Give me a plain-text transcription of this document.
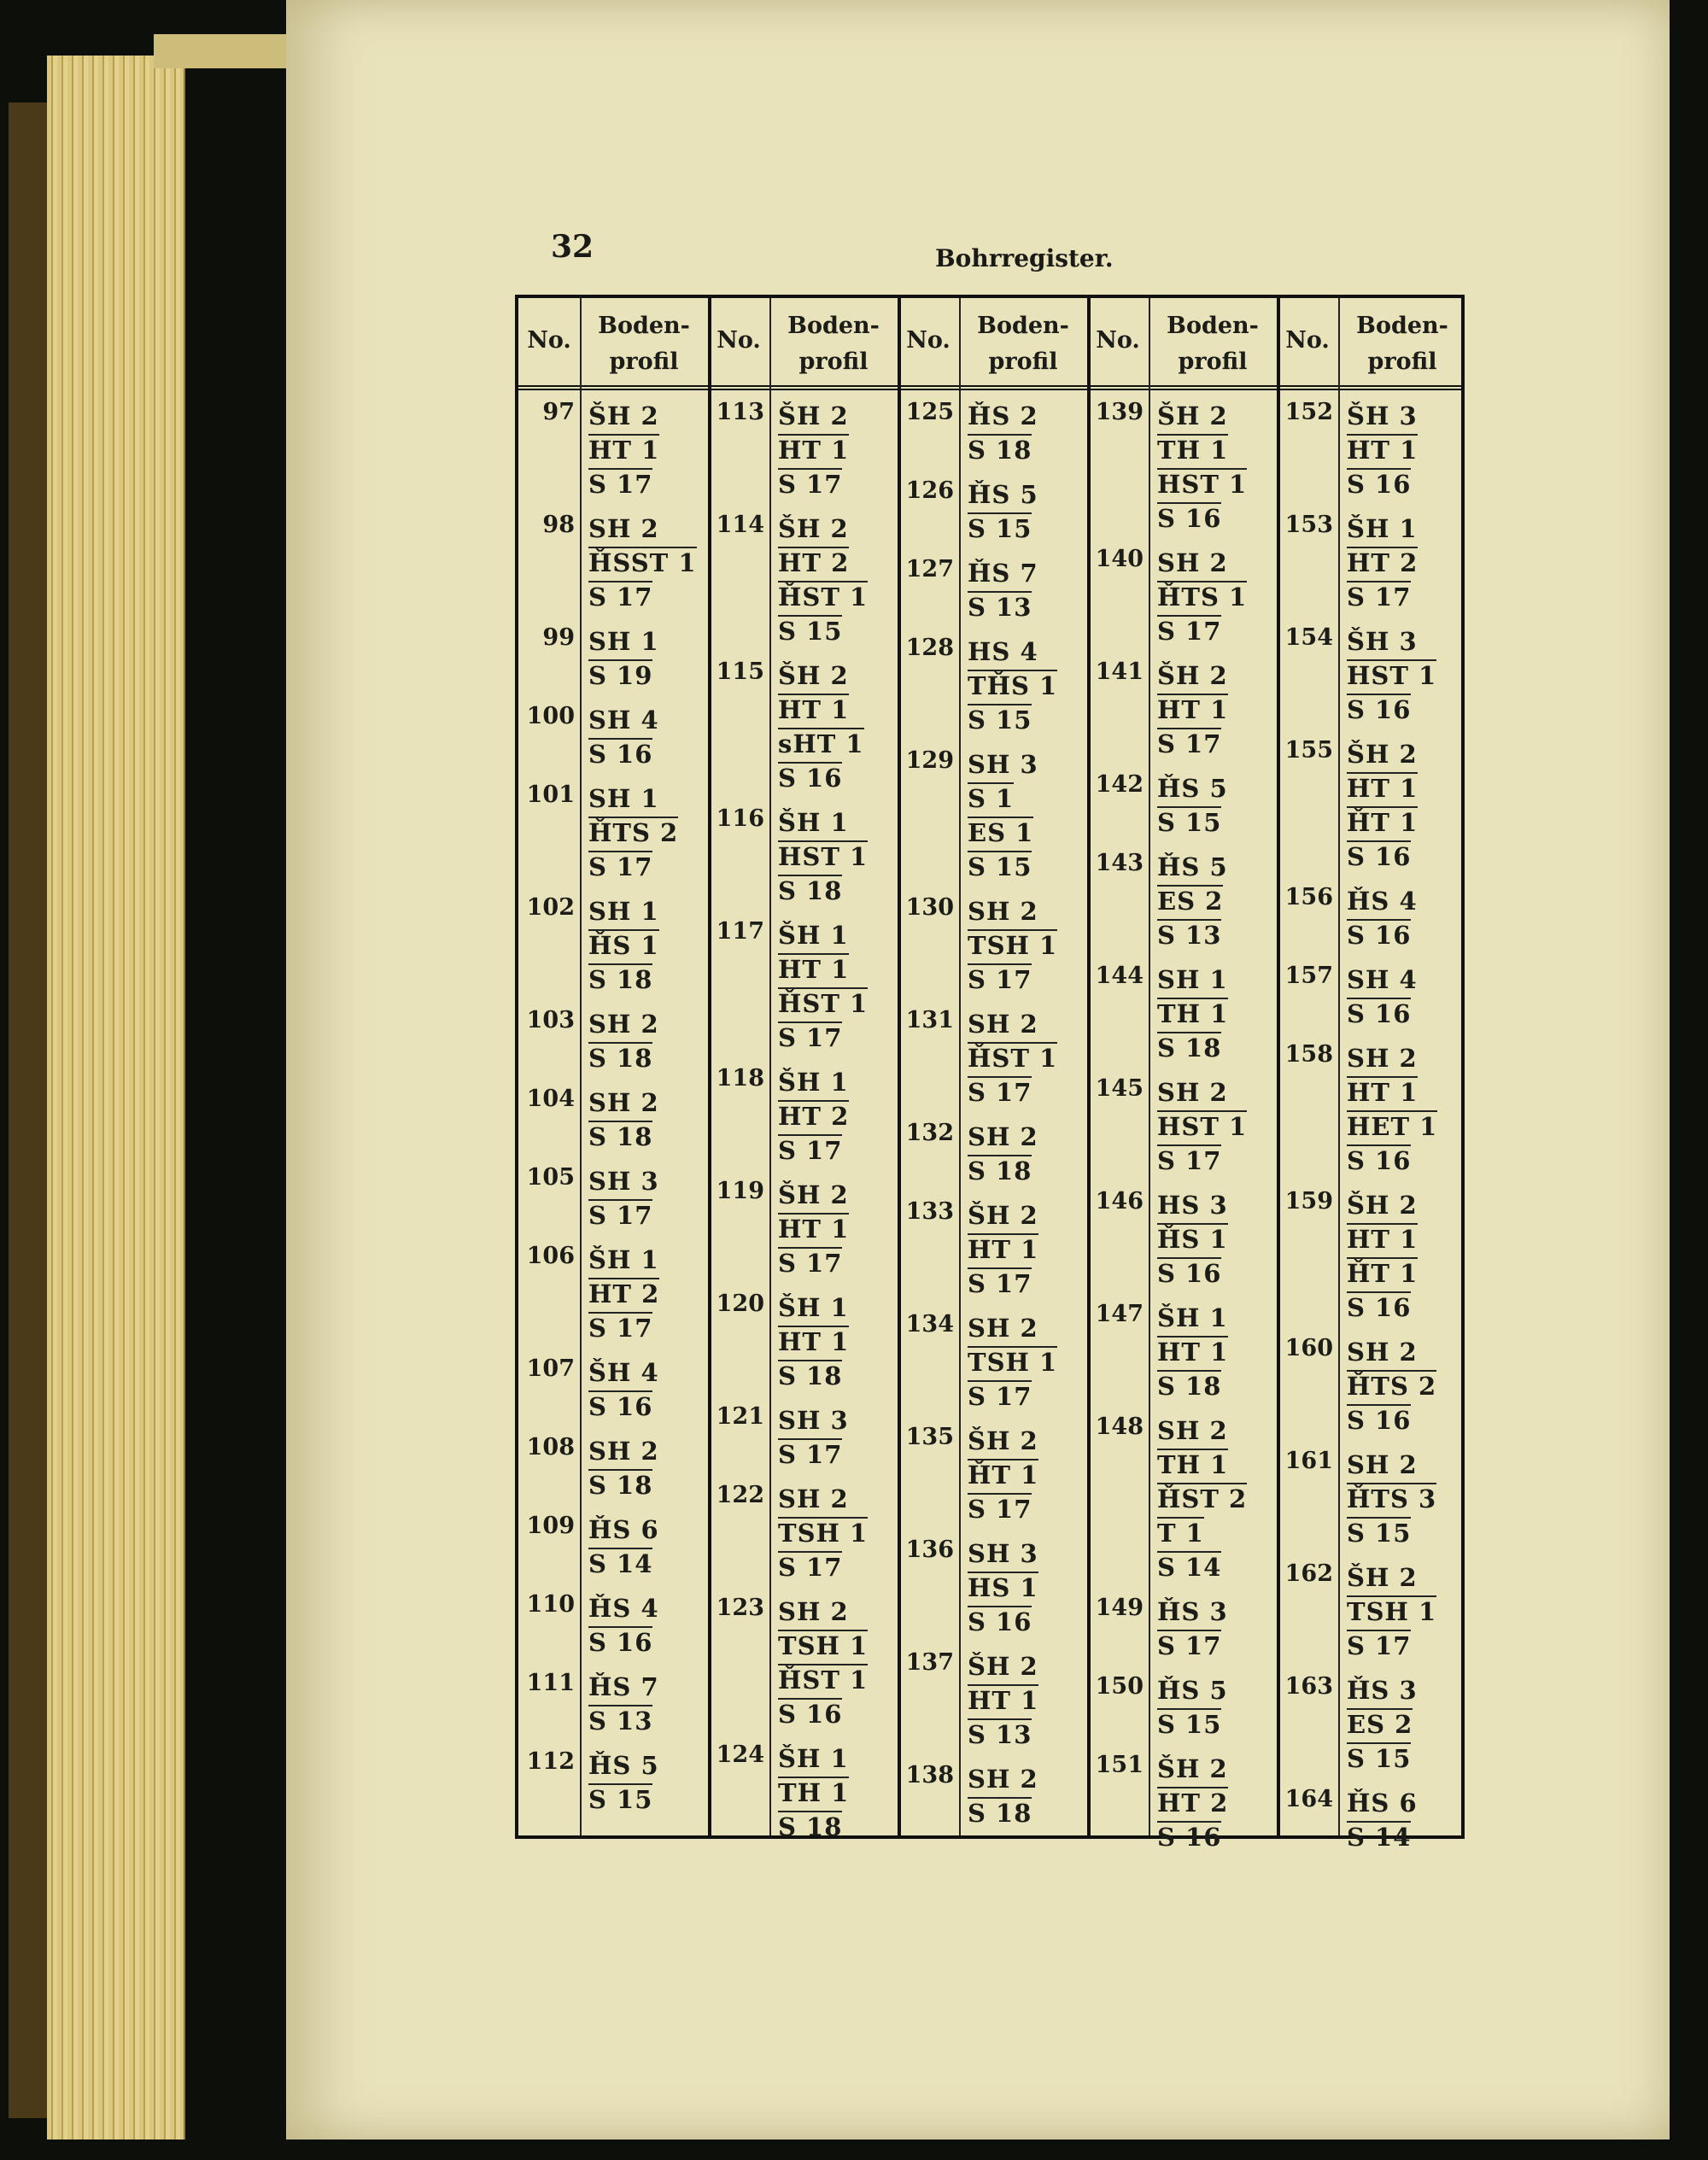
32	Bohrregister.
No.
Boden-
profil
No.
Boden-
profil
No.
Boden-
profil
No.
Boden-
profil
No.
Boden-
profil
97 ŠH 2
HT 1
S 17
98 SH 2
ȞSST 1
S 17
99 SH 1
S 19
100 SH 4
S 16
101 SH 1
ȞTS 2
S 17
102 SH 1
ȞS 1
S 18
103 SH 2
S 18
104 SH 2
S 18
105 SH 3
S 17
106 ŠH 1
HT 2
S 17
107 ŠH 4
S 16
108 SH 2
S 18
109 ȞS 6
S 14
110 ȞS 4
S 16
111 ȞS 7
S 13
112 ȞS 5
S 15
113 ŠH 2
HT 1
S 17
114 ŠH 2
HT 2
ȞST 1
S 15
115 ŠH 2
HT 1
sHT 1
S 16
116 ŠH 1
HST 1
S 18
117 ŠH 1
HT 1
ȞST 1
S 17
118 ŠH 1
HT 2
S 17
119 ŠH 2
HT 1
S 17
120 ŠH 1
HT 1
S 18
121 SH 3
S 17
122 SH 2
TSH 1
S 17
123 SH 2
TSH 1
ȞST 1
S 16
124 ŠH 1
TH 1
S 18
125 ȞS 2
S 18
126 ȞS 5
S 15
127 ȞS 7
S 13
128 HS 4
TȞS 1
S 15
129 SH 3
S 1
ES 1
S 15
130 SH 2
TSH 1
S 17
131 SH 2
ȞST 1
S 17
132 SH 2
S 18
133 ŠH 2
HT 1
S 17
134 SH 2
TSH 1
S 17
135 ŠH 2
ȞT 1
S 17
136 SH 3
HS 1
S 16
137 ŠH 2
HT 1
S 13
138 SH 2
S 18
139 ŠH 2
TH 1
HST 1
S 16
140 SH 2
ȞTS 1
S 17
141 ŠH 2
HT 1
S 17
142 ȞS 5
S 15
143 ȞS 5
ES 2
S 13
144 SH 1
TH 1
S 18
145 SH 2
HST 1
S 17
146 HS 3
ȞS 1
S 16
147 ŠH 1
HT 1
S 18
148 SH 2
TH 1
ȞST 2
T 1
S 14
149 ȞS 3
S 17
150 ȞS 5
S 15
151 ŠH 2
HT 2
S 16
152 ŠH 3
HT 1
S 16
153 ŠH 1
HT 2
S 17
154 ŠH 3
HST 1
S 16
155 ŠH 2
HT 1
ȞT 1
S 16
156 ȞS 4
S 16
157 SH 4
S 16
158 SH 2
HT 1
HET 1
S 16
159 ŠH 2
HT 1
ȞT 1
S 16
160 SH 2
ȞTS 2
S 16
161 SH 2
ȞTS 3
S 15
162 ŠH 2
TSH 1
S 17
163 ȞS 3
ES 2
S 15
164 ȞS 6
S 14
